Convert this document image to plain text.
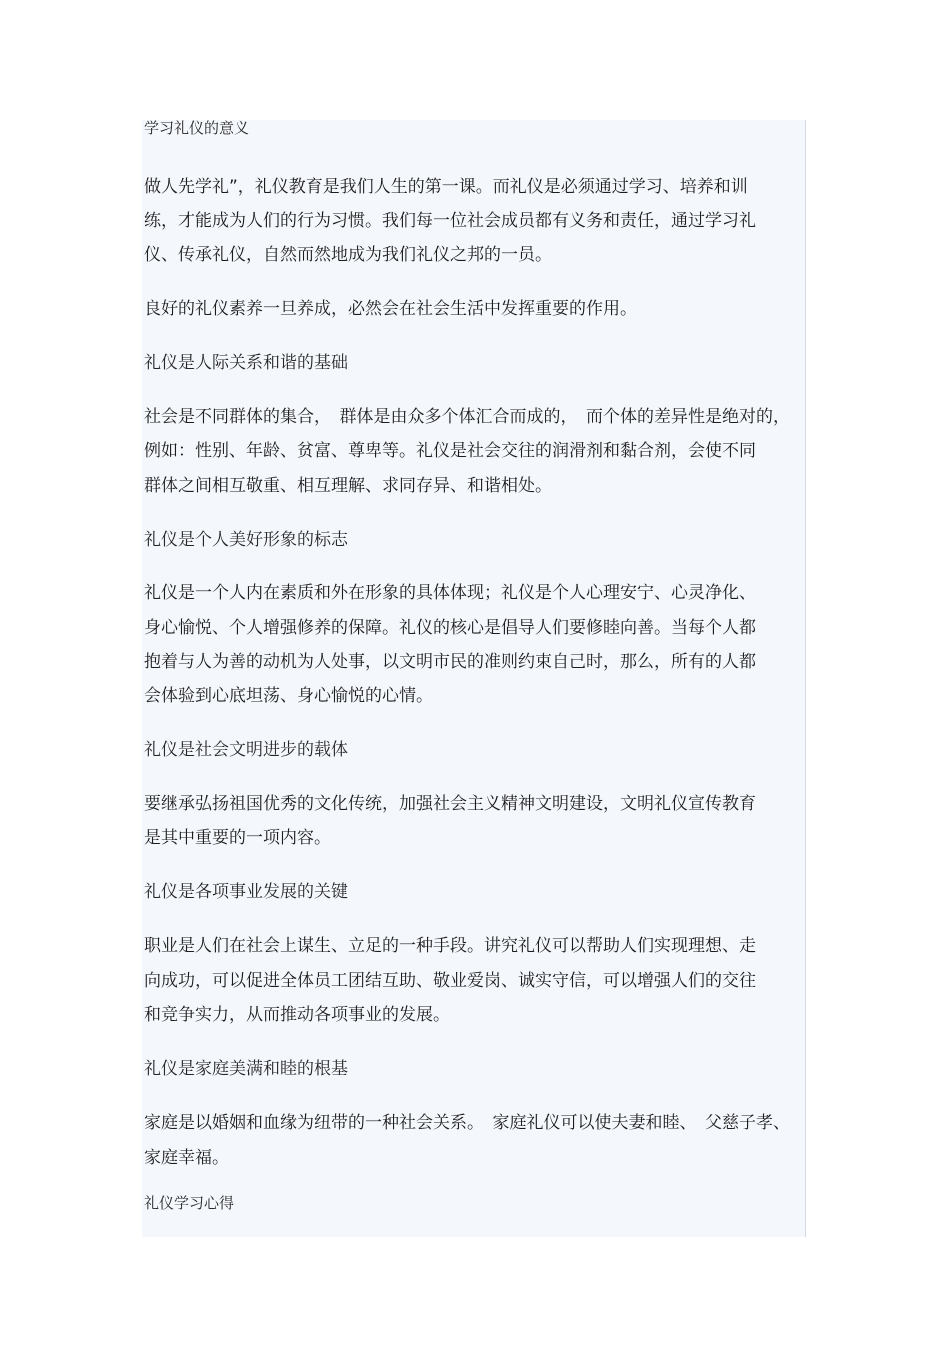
学习礼仪的意义
做人先学礼”，礼仪教育是我们人生的第一课。而礼仪是必须通过学习、培养和训
练，才能成为人们的行为习惯。我们每一位社会成员都有义务和责任，通过学习礼
仪、传承礼仪，自然而然地成为我们礼仪之邦的一员。
良好的礼仪素养一旦养成，必然会在社会生活中发挥重要的作用。
礼仪是人际关系和谐的基础
社会是不同群体的集合，　群体是由众多个体汇合而成的，　而个体的差异性是绝对的，
例如：性别、年龄、贫富、尊卑等。礼仪是社会交往的润滑剂和黏合剂，会使不同
群体之间相互敬重、相互理解、求同存异、和谐相处。
礼仪是个人美好形象的标志
礼仪是一个人内在素质和外在形象的具体体现；礼仪是个人心理安宁、心灵净化、
身心愉悦、个人增强修养的保障。礼仪的核心是倡导人们要修睦向善。当每个人都
抱着与人为善的动机为人处事，以文明市民的准则约束自己时，那么，所有的人都
会体验到心底坦荡、身心愉悦的心情。
礼仪是社会文明进步的载体
要继承弘扬祖国优秀的文化传统，加强社会主义精神文明建设，文明礼仪宣传教育
是其中重要的一项内容。
礼仪是各项事业发展的关键
职业是人们在社会上谋生、立足的一种手段。讲究礼仪可以帮助人们实现理想、走
向成功，可以促进全体员工团结互助、敬业爱岗、诚实守信，可以增强人们的交往
和竞争实力，从而推动各项事业的发展。
礼仪是家庭美满和睦的根基
家庭是以婚姻和血缘为纽带的一种社会关系。　家庭礼仪可以使夫妻和睦、　父慈子孝、
家庭幸福。
礼仪学习心得
